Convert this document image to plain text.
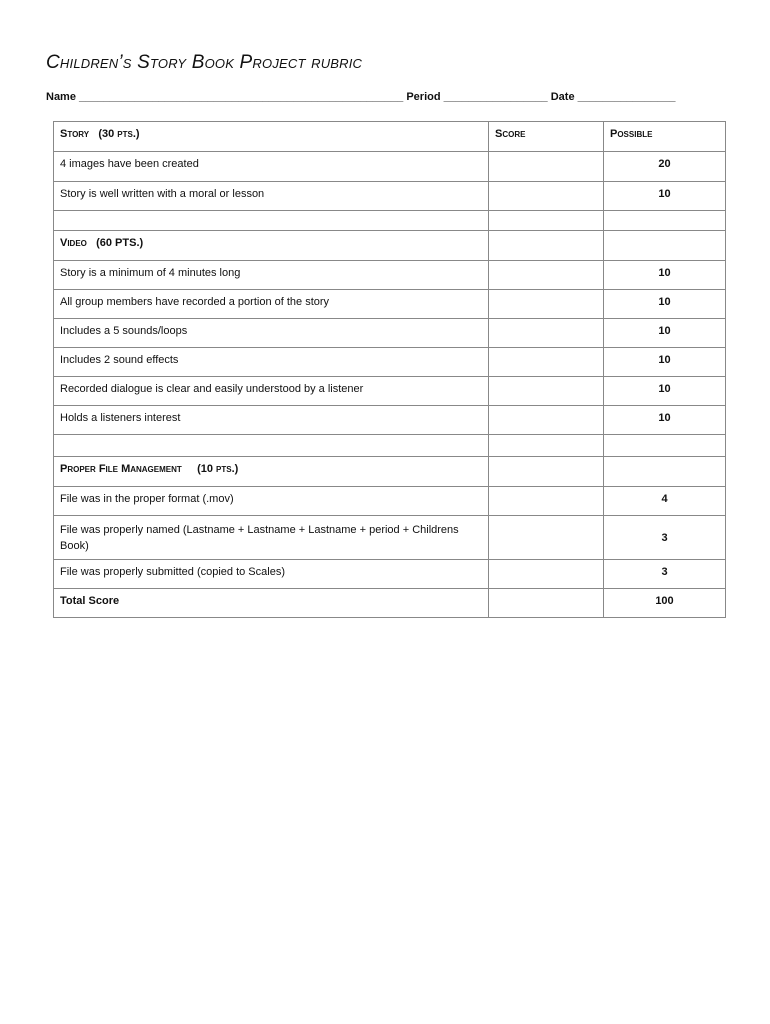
Children’s Story Book Project rubric
Name _____________________________________________________ Period _________________ Date ________________
Story (30 pts.)	Score	Possible
4 images have been created		20
Story is well written with a moral or lesson		10

Video (60 PTS.)		
Story is a minimum of 4 minutes long		10
All group members have recorded a portion of the story		10
Includes a 5 sounds/loops		10
Includes 2 sound effects		10
Recorded dialogue is clear and easily understood by a listener		10
Holds a listeners interest		10

Proper File Management (10 pts.)		
File was in the proper format (.mov)		4
File was properly named (Lastname + Lastname + Lastname + period + Childrens Book)		3
File was properly submitted (copied to Scales)		3
Total Score		100
